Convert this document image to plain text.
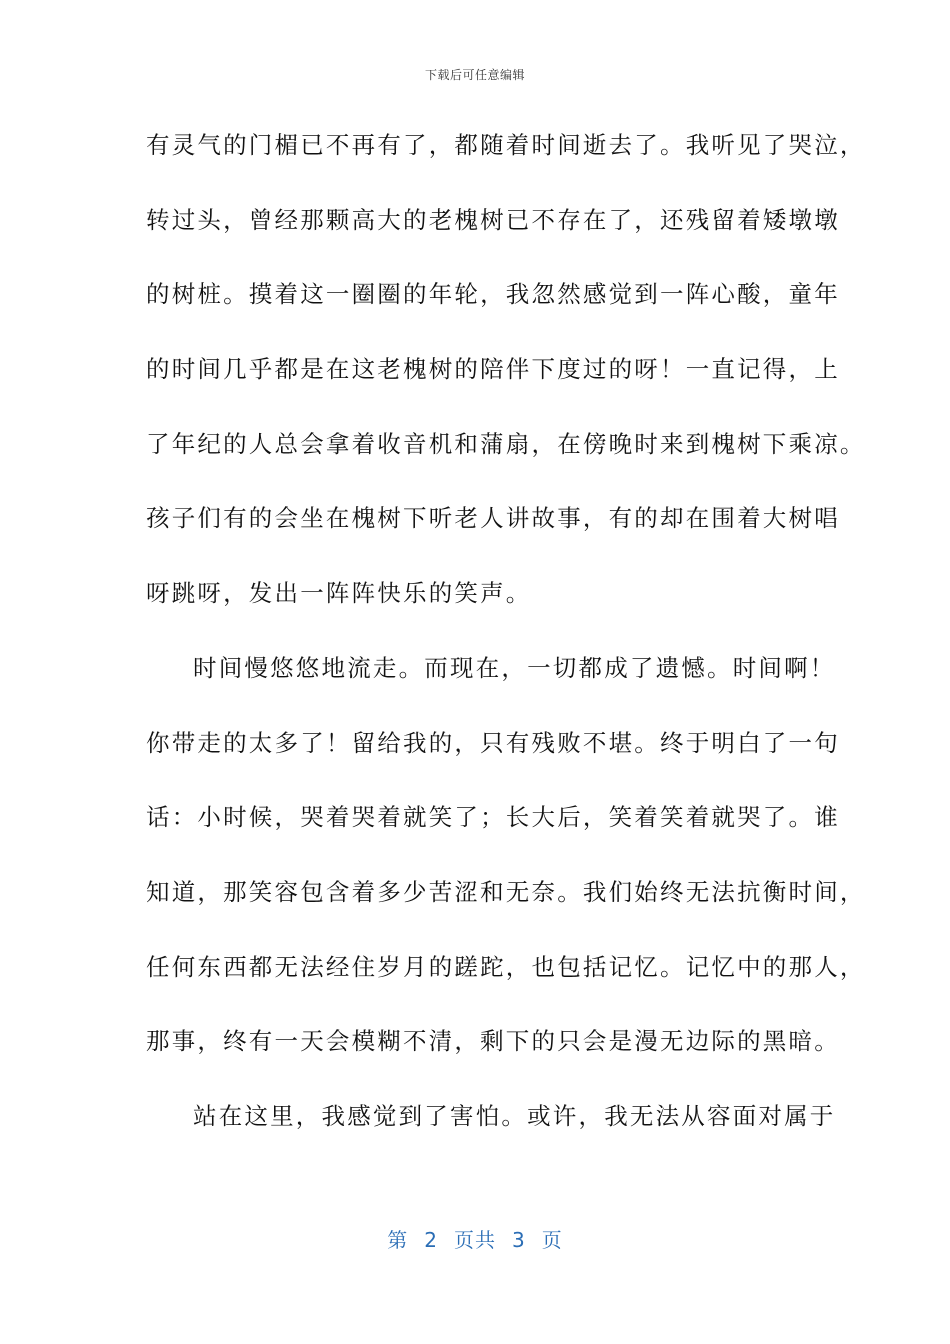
下载后可任意编辑
有灵气的门楣已不再有了，都随着时间逝去了。我听见了哭泣，
转过头，曾经那颗高大的老槐树已不存在了，还残留着矮墩墩
的树桩。摸着这一圈圈的年轮，我忽然感觉到一阵心酸，童年
的时间几乎都是在这老槐树的陪伴下度过的呀！一直记得，上
了年纪的人总会拿着收音机和蒲扇，在傍晚时来到槐树下乘凉。
孩子们有的会坐在槐树下听老人讲故事，有的却在围着大树唱
呀跳呀，发出一阵阵快乐的笑声。
时间慢悠悠地流走。而现在，一切都成了遗憾。时间啊！
你带走的太多了！留给我的，只有残败不堪。终于明白了一句
话：小时候，哭着哭着就笑了；长大后，笑着笑着就哭了。谁
知道，那笑容包含着多少苦涩和无奈。我们始终无法抗衡时间，
任何东西都无法经住岁月的蹉跎，也包括记忆。记忆中的那人，
那事，终有一天会模糊不清，剩下的只会是漫无边际的黑暗。
站在这里，我感觉到了害怕。或许，我无法从容面对属于
第 2 页共 3 页
